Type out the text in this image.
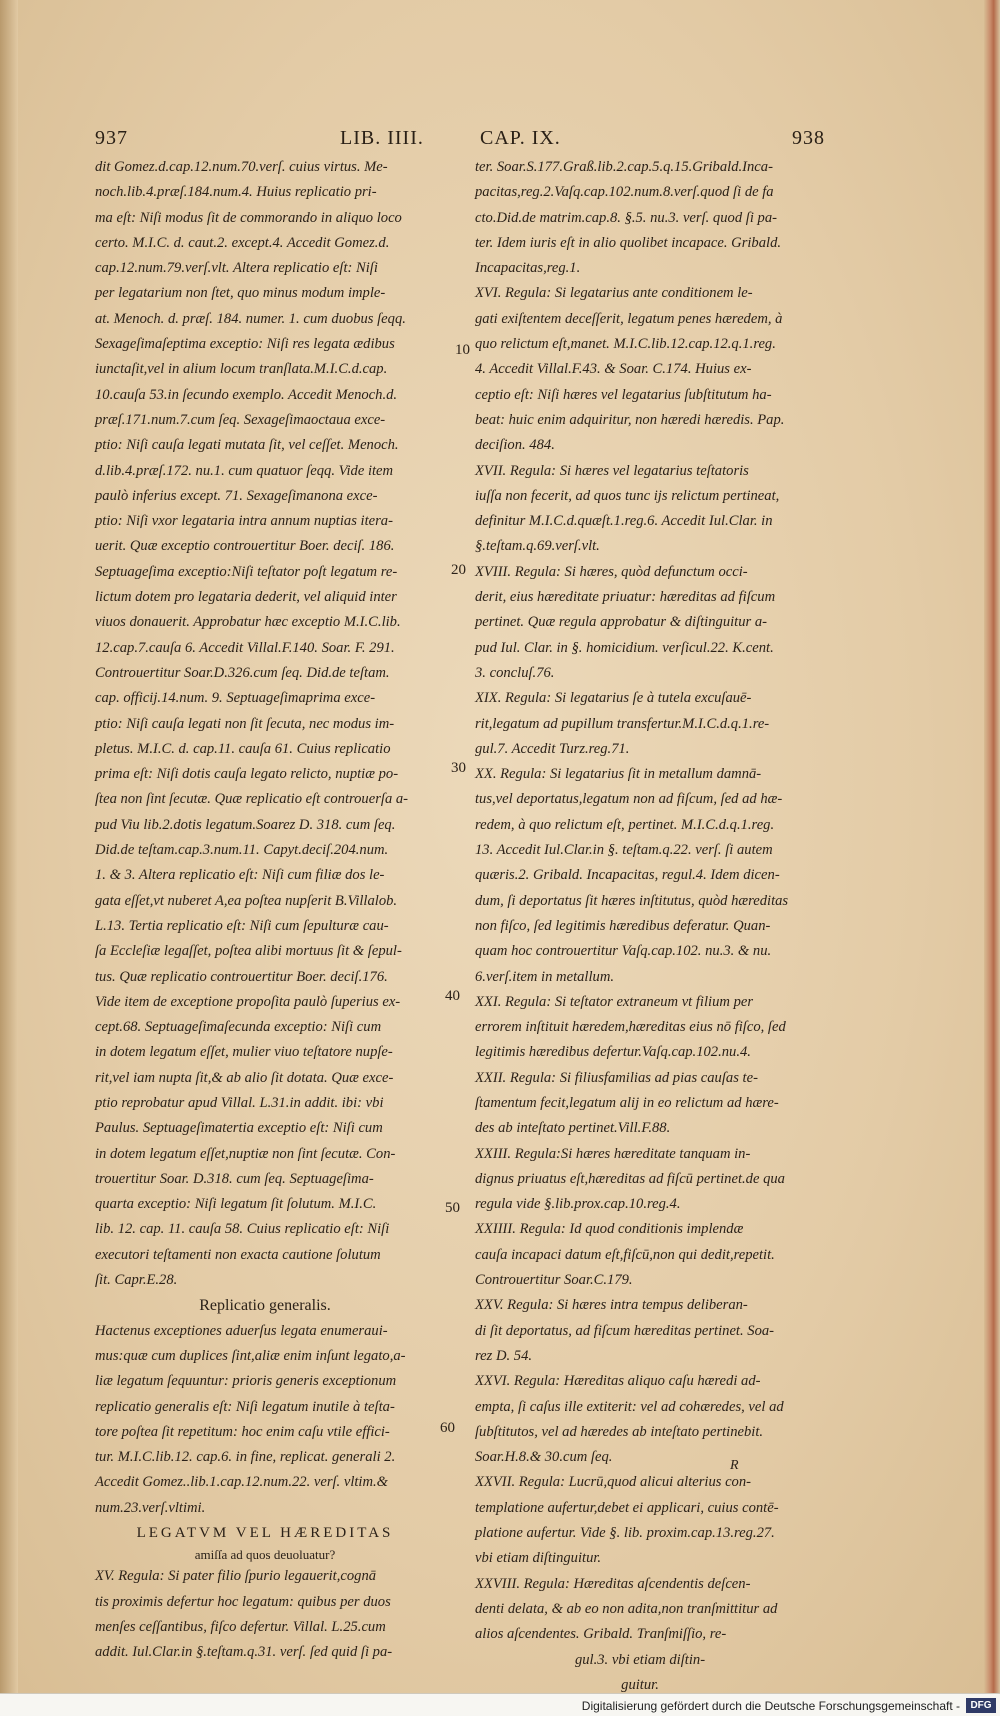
937	LIB. IIII.	CAP. IX.	938

dit Gomez.d.cap.12.num.70.verſ. cuius virtus. Me-

noch.lib.4.præſ.184.num.4. Huius replicatio pri-

ma eſt: Niſi modus ſit de commorando in aliquo loco

certo. M.I.C. d. caut.2. except.4. Accedit Gomez.d.

cap.12.num.79.verſ.vlt. Altera replicatio eſt: Niſi

per legatarium non ſtet, quo minus modum imple-

at. Menoch. d. præſ. 184. numer. 1. cum duobus ſeqq.

Sexageſimaſeptima exceptio: Niſi res legata ædibus

iunctaſit,vel in alium locum tranſlata.M.I.C.d.cap.

10.cauſa 53.in ſecundo exemplo. Accedit Menoch.d.

præſ.171.num.7.cum ſeq. Sexageſimaoctaua exce-

ptio: Niſi cauſa legati mutata ſit, vel ceſſet. Menoch.

d.lib.4.præſ.172. nu.1. cum quatuor ſeqq. Vide item

paulò inferius except. 71. Sexageſimanona exce-

ptio: Niſi vxor legataria intra annum nuptias itera-

uerit. Quæ exceptio controuertitur Boer. deciſ. 186.

Septuageſima exceptio:Niſi teſtator poſt legatum re-

lictum dotem pro legataria dederit, vel aliquid inter

viuos donauerit. Approbatur hæc exceptio M.I.C.lib.

12.cap.7.cauſa 6. Accedit Villal.F.140. Soar. F. 291.

Controuertitur Soar.D.326.cum ſeq. Did.de teſtam.

cap. officij.14.num. 9. Septuageſimaprima exce-

ptio: Niſi cauſa legati non ſit ſecuta, nec modus im-

pletus. M.I.C. d. cap.11. cauſa 61. Cuius replicatio

prima eſt: Niſi dotis cauſa legato relicto, nuptiæ po-

ſtea non ſint ſecutæ. Quæ replicatio eſt controuerſa a-

pud Viu lib.2.dotis legatum.Soarez D. 318. cum ſeq.

Did.de teſtam.cap.3.num.11. Capyt.deciſ.204.num.

1. & 3. Altera replicatio eſt: Niſi cum filiæ dos le-

gata eſſet,vt nuberet A,ea poſtea nupſerit B.Villalob.

L.13. Tertia replicatio eſt: Niſi cum ſepulturæ cau-

ſa Eccleſiæ legaſſet, poſtea alibi mortuus ſit & ſepul-

tus. Quæ replicatio controuertitur Boer. deciſ.176.

Vide item de exceptione propoſita paulò ſuperius ex-

cept.68. Septuageſimaſecunda exceptio: Niſi cum

in dotem legatum eſſet, mulier viuo teſtatore nupſe-

rit,vel iam nupta ſit,& ab alio ſit dotata. Quæ exce-

ptio reprobatur apud Villal. L.31.in addit. ibi: vbi

Paulus. Septuageſimatertia exceptio eſt: Niſi cum

in dotem legatum eſſet,nuptiæ non ſint ſecutæ. Con-

trouertitur Soar. D.318. cum ſeq. Septuageſima-

quarta exceptio: Niſi legatum ſit ſolutum. M.I.C.

lib. 12. cap. 11. cauſa 58. Cuius replicatio eſt: Niſi

executori teſtamenti non exacta cautione ſolutum

ſit. Capr.E.28.

Replicatio generalis.

Hactenus exceptiones aduerſus legata enumeraui-

mus:quæ cum duplices ſint,aliæ enim inſunt legato,a-

liæ legatum ſequuntur: prioris generis exceptionum

replicatio generalis eſt: Niſi legatum inutile à teſta-

tore poſtea ſit repetitum: hoc enim caſu vtile effici-

tur. M.I.C.lib.12. cap.6. in fine, replicat. generali 2.

Accedit Gomez..lib.1.cap.12.num.22. verſ. vltim.&

num.23.verſ.vltimi.

LEGATVM VEL HÆREDITAS

amiſſa ad quos deuoluatur?

XV. Regula: Si pater filio ſpurio legauerit,cognā

tis proximis defertur hoc legatum: quibus per duos

menſes ceſſantibus, fiſco defertur. Villal. L.25.cum

addit. Iul.Clar.in §.teſtam.q.31. verſ. ſed quid ſi pa-

ter. Soar.S.177.Graß.lib.2.cap.5.q.15.Gribald.Inca-

pacitas,reg.2.Vaſq.cap.102.num.8.verſ.quod ſi de fa

cto.Did.de matrim.cap.8. §.5. nu.3. verſ. quod ſi pa-

ter. Idem iuris eſt in alio quolibet incapace. Gribald.

Incapacitas,reg.1.

XVI. Regula: Si legatarius ante conditionem le-

gati exiſtentem deceſſerit, legatum penes hæredem, à

quo relictum eſt,manet. M.I.C.lib.12.cap.12.q.1.reg.

4. Accedit Villal.F.43. & Soar. C.174. Huius ex-

ceptio eſt: Niſi hæres vel legatarius ſubſtitutum ha-

beat: huic enim adquiritur, non hæredi hæredis. Pap.

deciſion. 484.

XVII. Regula: Si hæres vel legatarius teſtatoris

iuſſa non fecerit, ad quos tunc ijs relictum pertineat,

definitur M.I.C.d.quæſt.1.reg.6. Accedit Iul.Clar. in

§.teſtam.q.69.verſ.vlt.

XVIII. Regula: Si hæres, quòd defunctum occi-

derit, eius hæreditate priuatur: hæreditas ad fiſcum

pertinet. Quæ regula approbatur & diſtinguitur a-

pud Iul. Clar. in §. homicidium. verſicul.22. K.cent.

3. concluſ.76.

XIX. Regula: Si legatarius ſe à tutela excuſauē-

rit,legatum ad pupillum transfertur.M.I.C.d.q.1.re-

gul.7. Accedit Turz.reg.71.

XX. Regula: Si legatarius ſit in metallum damnā-

tus,vel deportatus,legatum non ad fiſcum, ſed ad hæ-

redem, à quo relictum eſt, pertinet. M.I.C.d.q.1.reg.

13. Accedit Iul.Clar.in §. teſtam.q.22. verſ. ſi autem

quæris.2. Gribald. Incapacitas, regul.4. Idem dicen-

dum, ſi deportatus ſit hæres inſtitutus, quòd hæreditas

non fiſco, ſed legitimis hæredibus deferatur. Quan-

quam hoc controuertitur Vaſq.cap.102. nu.3. & nu.

6.verſ.item in metallum.

XXI. Regula: Si teſtator extraneum vt filium per

errorem inſtituit hæredem,hæreditas eius nō fiſco, ſed

legitimis hæredibus defertur.Vaſq.cap.102.nu.4.

XXII. Regula: Si filiusfamilias ad pias cauſas te-

ſtamentum fecit,legatum alij in eo relictum ad hære-

des ab inteſtato pertinet.Vill.F.88.

XXIII. Regula:Si hæres hæreditate tanquam in-

dignus priuatus eſt,hæreditas ad fiſcū pertinet.de qua

regula vide §.lib.prox.cap.10.reg.4.

XXIIII. Regula: Id quod conditionis implendæ

cauſa incapaci datum eſt,fiſcū,non qui dedit,repetit.

Controuertitur Soar.C.179.

XXV. Regula: Si hæres intra tempus deliberan-

di ſit deportatus, ad fiſcum hæreditas pertinet. Soa-

rez D. 54.

XXVI. Regula: Hæreditas aliquo caſu hæredi ad-

empta, ſi caſus ille extiterit: vel ad cohæredes, vel ad

ſubſtitutos, vel ad hæredes ab inteſtato pertinebit.

Soar.H.8.& 30.cum ſeq.

XXVII. Regula: Lucrū,quod alicui alterius con-

templatione aufertur,debet ei applicari, cuius contē-

platione aufertur. Vide §. lib. proxim.cap.13.reg.27.

vbi etiam diſtinguitur.

XXVIII. Regula: Hæreditas aſcendentis deſcen-

denti delata, & ab eo non adita,non tranſmittitur ad

alios aſcendentes. Gribald. Tranſmiſſio, re-

gul.3. vbi etiam diſtin-

guitur.

10
20
30
40
50
60
R
Digitalisierung gefördert durch die Deutsche Forschungsgemeinschaft -	DFG
